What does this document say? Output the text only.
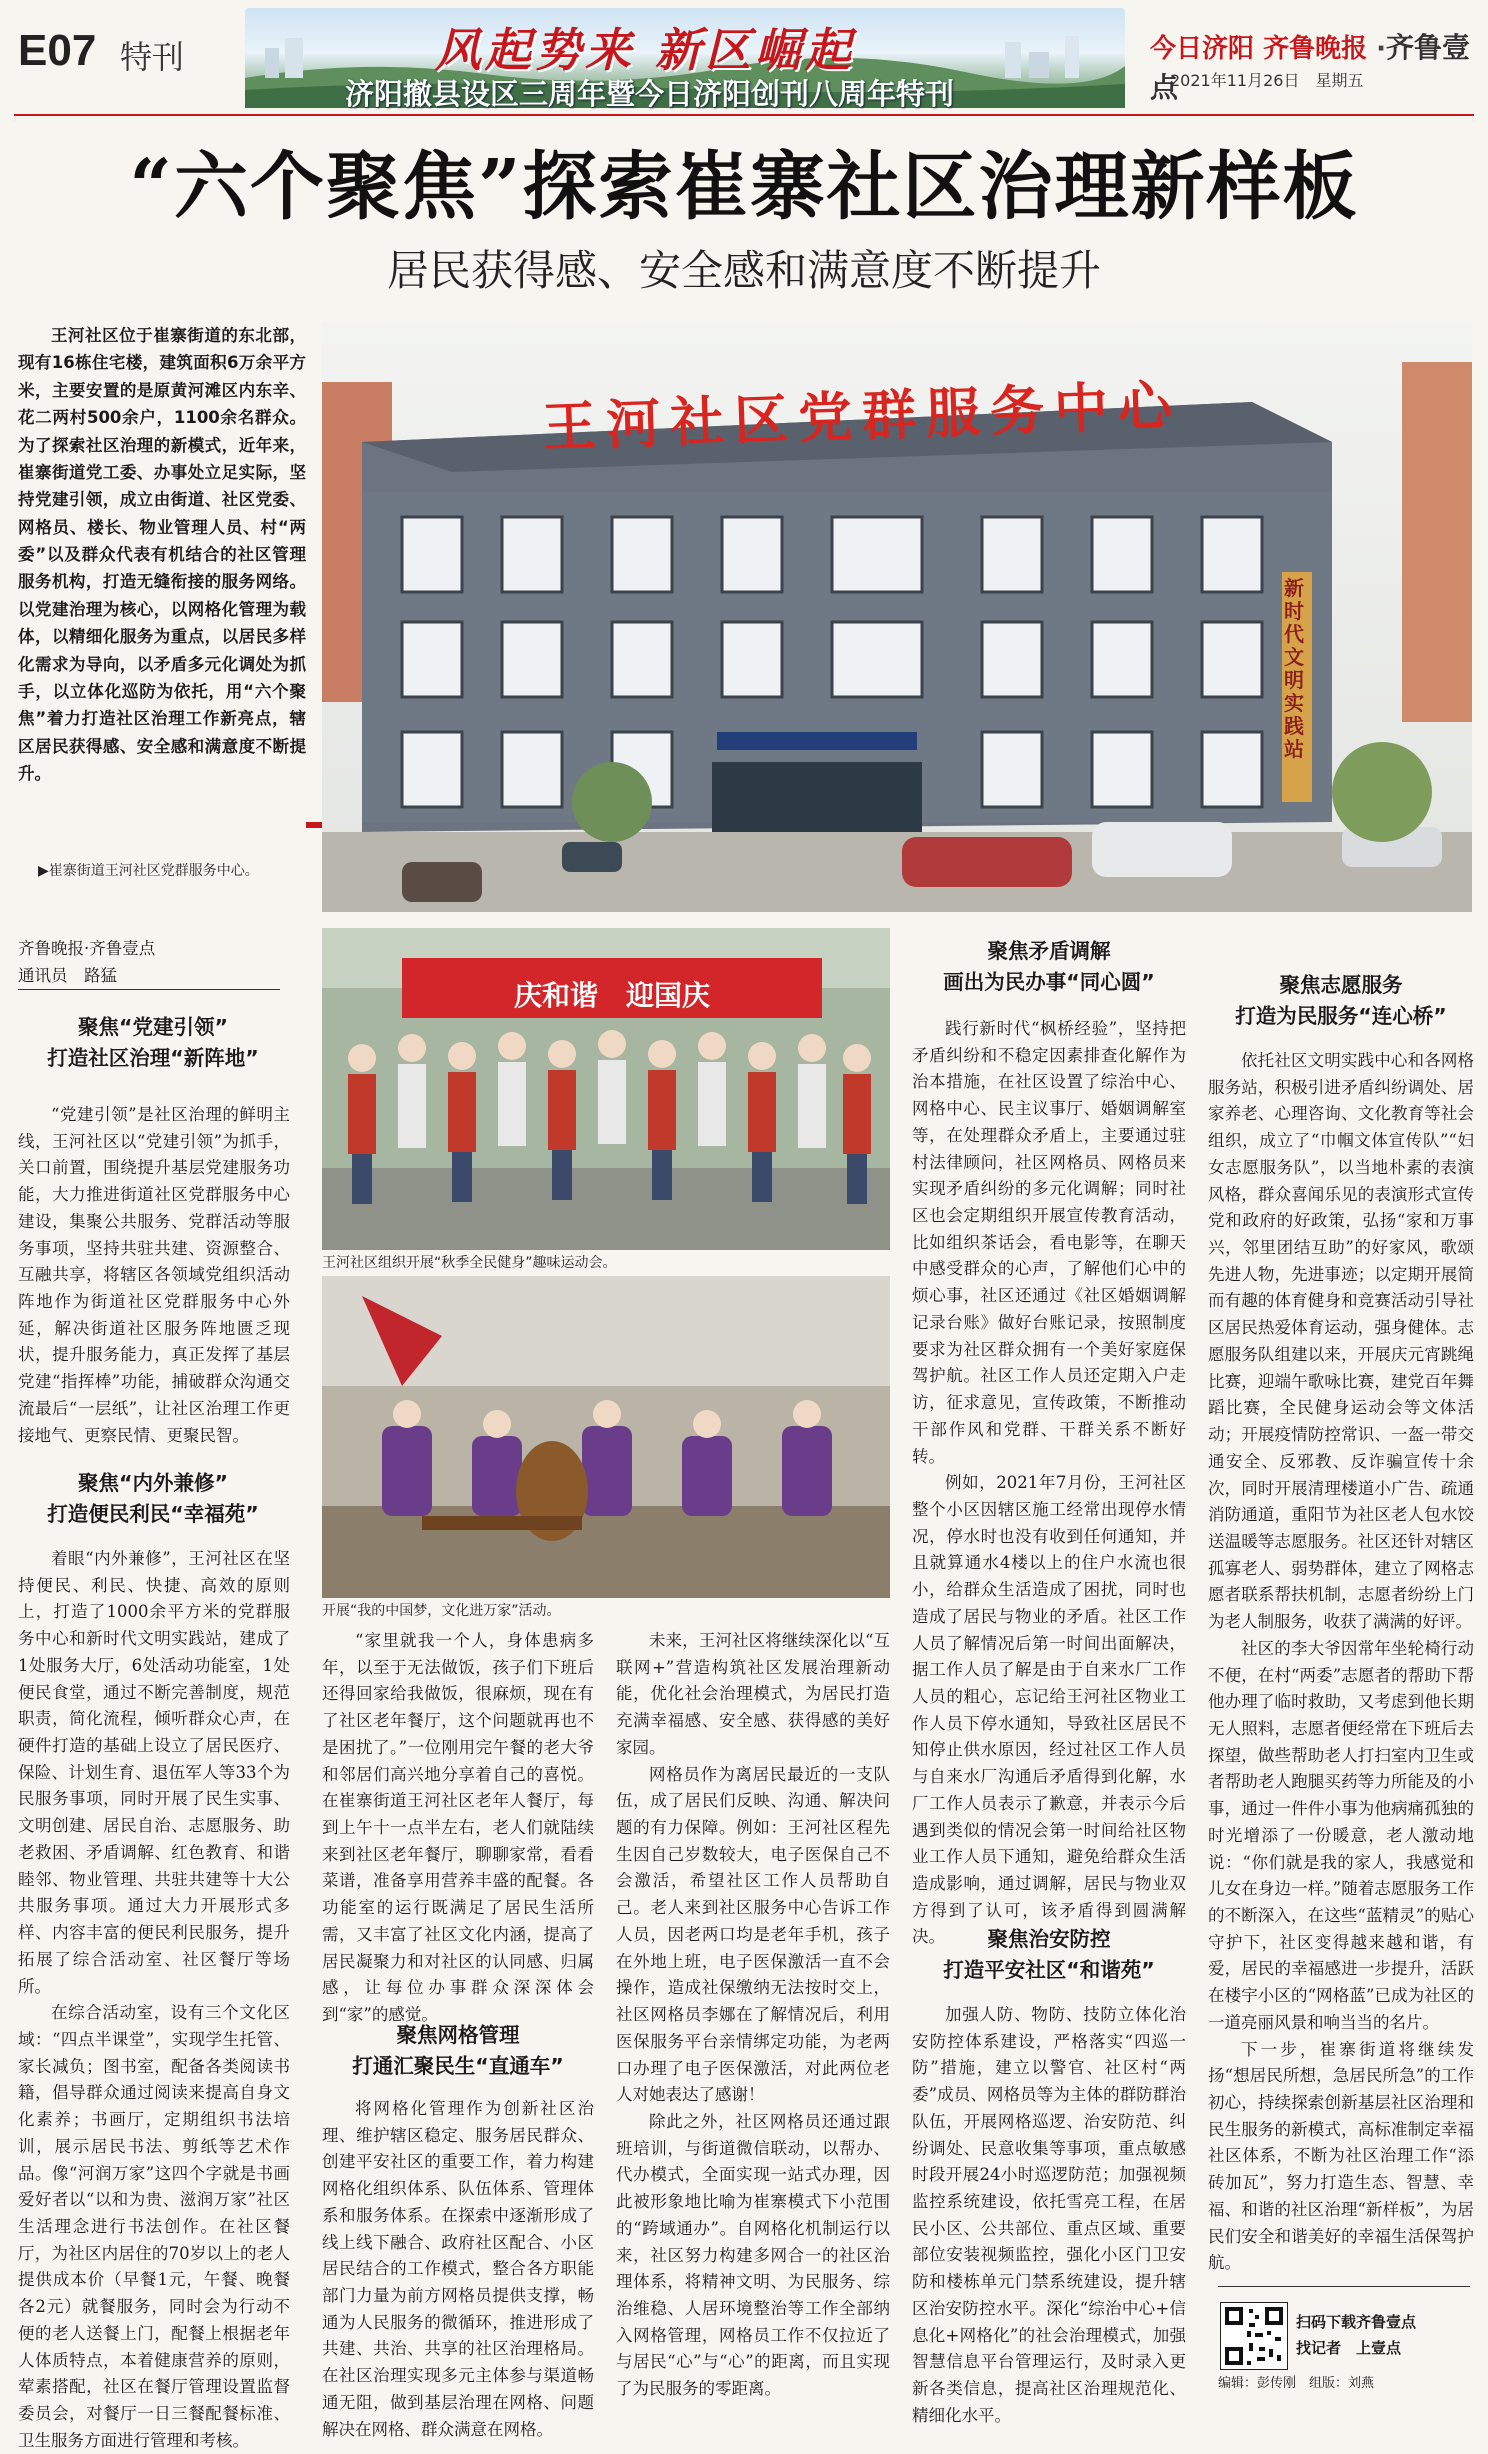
E07 特刊	风起势来 新区崛起
济阳撤县设区三周年暨今日济阳创刊八周年特刊
今日济阳 齐鲁晚报 ·齐鲁壹点
2021年11月26日　星期五
“六个聚焦”探索崔寨社区治理新样板
居民获得感、安全感和满意度不断提升
王河社区位于崔寨街道的东北部，现有16栋住宅楼，建筑面积6万余平方米，主要安置的是原黄河滩区内东辛、花二两村500余户，1100余名群众。为了探索社区治理的新模式，近年来，崔寨街道党工委、办事处立足实际，坚持党建引领，成立由街道、社区党委、网格员、楼长、物业管理人员、村“两委”以及群众代表有机结合的社区管理服务机构，打造无缝衔接的服务网络。以党建治理为核心，以网格化管理为载体，以精细化服务为重点，以居民多样化需求为导向，以矛盾多元化调处为抓手，以立体化巡防为依托，用“六个聚焦”着力打造社区治理工作新亮点，辖区居民获得感、安全感和满意度不断提升。
王河社区党群服务中心
新时代文明实践站
▶崔寨街道王河社区党群服务中心。
齐鲁晚报·齐鲁壹点
通讯员　路猛
聚焦“党建引领”
打造社区治理“新阵地”

“党建引领”是社区治理的鲜明主线，王河社区以“党建引领”为抓手，关口前置，围绕提升基层党建服务功能，大力推进街道社区党群服务中心建设，集聚公共服务、党群活动等服务事项，坚持共驻共建、资源整合、互融共享，将辖区各领域党组织活动阵地作为街道社区党群服务中心外延，解决街道社区服务阵地匮乏现状，提升服务能力，真正发挥了基层党建“指挥棒”功能，捕破群众沟通交流最后“一层纸”，让社区治理工作更接地气、更察民情、更聚民智。

聚焦“内外兼修”
打造便民利民“幸福苑”

着眼“内外兼修”，王河社区在坚持便民、利民、快捷、高效的原则上，打造了1000余平方米的党群服务中心和新时代文明实践站，建成了1处服务大厅，6处活动功能室，1处便民食堂，通过不断完善制度，规范职责，简化流程，倾听群众心声，在硬件打造的基础上设立了居民医疗、保险、计划生育、退伍军人等33个为民服务事项，同时开展了民生实事、文明创建、居民自治、志愿服务、助老救困、矛盾调解、红色教育、和谐睦邻、物业管理、共驻共建等十大公共服务事项。通过大力开展形式多样、内容丰富的便民利民服务，提升拓展了综合活动室、社区餐厅等场所。

在综合活动室，设有三个文化区域：“四点半课堂”，实现学生托管、家长减负；图书室，配备各类阅读书籍，倡导群众通过阅读来提高自身文化素养；书画厅，定期组织书法培训，展示居民书法、剪纸等艺术作品。像“河润万家”这四个字就是书画爱好者以“以和为贵、滋润万家”社区生活理念进行书法创作。在社区餐厅，为社区内居住的70岁以上的老人提供成本价（早餐1元，午餐、晚餐各2元）就餐服务，同时会为行动不便的老人送餐上门，配餐上根据老年人体质特点，本着健康营养的原则，荤素搭配，社区在餐厅管理设置监督委员会，对餐厅一日三餐配餐标准、卫生服务方面进行管理和考核。

庆和谐　迎国庆
王河社区组织开展“秋季全民健身”趣味运动会。
开展“我的中国梦，文化进万家”活动。

“家里就我一个人，身体患病多年，以至于无法做饭，孩子们下班后还得回家给我做饭，很麻烦，现在有了社区老年餐厅，这个问题就再也不是困扰了。”一位刚用完午餐的老大爷和邻居们高兴地分享着自己的喜悦。在崔寨街道王河社区老年人餐厅，每到上午十一点半左右，老人们就陆续来到社区老年餐厅，聊聊家常，看看菜谱，准备享用营养丰盛的配餐。各功能室的运行既满足了居民生活所需，又丰富了社区文化内涵，提高了居民凝聚力和对社区的认同感、归属感，让每位办事群众深深体会到“家”的感觉。

聚焦网格管理
打通汇聚民生“直通车”

将网格化管理作为创新社区治理、维护辖区稳定、服务居民群众、创建平安社区的重要工作，着力构建网格化组织体系、队伍体系、管理体系和服务体系。在探索中逐渐形成了线上线下融合、政府社区配合、小区居民结合的工作模式，整合各方职能部门力量为前方网格员提供支撑，畅通为人民服务的微循环，推进形成了共建、共治、共享的社区治理格局。在社区治理实现多元主体参与渠道畅通无阻，做到基层治理在网格、问题解决在网格、群众满意在网格。

未来，王河社区将继续深化以“互联网+”营造构筑社区发展治理新动能，优化社会治理模式，为居民打造充满幸福感、安全感、获得感的美好家园。

网格员作为离居民最近的一支队伍，成了居民们反映、沟通、解决问题的有力保障。例如：王河社区程先生因自己岁数较大，电子医保自己不会激活，希望社区工作人员帮助自己。老人来到社区服务中心告诉工作人员，因老两口均是老年手机，孩子在外地上班，电子医保激活一直不会操作，造成社保缴纳无法按时交上，社区网格员李娜在了解情况后，利用医保服务平台亲情绑定功能，为老两口办理了电子医保激活，对此两位老人对她表达了感谢！

除此之外，社区网格员还通过跟班培训，与街道微信联动，以帮办、代办模式，全面实现一站式办理，因此被形象地比喻为崔寨模式下小范围的“跨域通办”。自网格化机制运行以来，社区努力构建多网合一的社区治理体系，将精神文明、为民服务、综治维稳、人居环境整治等工作全部纳入网格管理，网格员工作不仅拉近了与居民“心”与“心”的距离，而且实现了为民服务的零距离。

聚焦矛盾调解
画出为民办事“同心圆”

践行新时代“枫桥经验”，坚持把矛盾纠纷和不稳定因素排查化解作为治本措施，在社区设置了综治中心、网格中心、民主议事厅、婚姻调解室等，在处理群众矛盾上，主要通过驻村法律顾问，社区网格员、网格员来实现矛盾纠纷的多元化调解；同时社区也会定期组织开展宣传教育活动，比如组织茶话会，看电影等，在聊天中感受群众的心声，了解他们心中的烦心事，社区还通过《社区婚姻调解记录台账》做好台账记录，按照制度要求为社区群众拥有一个美好家庭保驾护航。社区工作人员还定期入户走访，征求意见，宣传政策，不断推动干部作风和党群、干群关系不断好转。

例如，2021年7月份，王河社区整个小区因辖区施工经常出现停水情况，停水时也没有收到任何通知，并且就算通水4楼以上的住户水流也很小，给群众生活造成了困扰，同时也造成了居民与物业的矛盾。社区工作人员了解情况后第一时间出面解决，据工作人员了解是由于自来水厂工作人员的粗心，忘记给王河社区物业工作人员下停水通知，导致社区居民不知停止供水原因，经过社区工作人员与自来水厂沟通后矛盾得到化解，水厂工作人员表示了歉意，并表示今后遇到类似的情况会第一时间给社区物业工作人员下通知，避免给群众生活造成影响，通过调解，居民与物业双方得到了认可，该矛盾得到圆满解决。	聚焦治安防控
打造平安社区“和谐苑”

加强人防、物防、技防立体化治安防控体系建设，严格落实“四巡一防”措施，建立以警官、社区村“两委”成员、网格员等为主体的群防群治队伍，开展网格巡逻、治安防范、纠纷调处、民意收集等事项，重点敏感时段开展24小时巡逻防范；加强视频监控系统建设，依托雪亮工程，在居民小区、公共部位、重点区域、重要部位安装视频监控，强化小区门卫安防和楼栋单元门禁系统建设，提升辖区治安防控水平。深化“综治中心+信息化+网格化”的社会治理模式，加强智慧信息平台管理运行，及时录入更新各类信息，提高社区治理规范化、精细化水平。

聚焦志愿服务
打造为民服务“连心桥”

依托社区文明实践中心和各网格服务站，积极引进矛盾纠纷调处、居家养老、心理咨询、文化教育等社会组织，成立了“巾帼文体宣传队”“妇女志愿服务队”，以当地朴素的表演风格，群众喜闻乐见的表演形式宣传党和政府的好政策，弘扬“家和万事兴，邻里团结互助”的好家风，歌颂先进人物，先进事迹；以定期开展简而有趣的体育健身和竞赛活动引导社区居民热爱体育运动，强身健体。志愿服务队组建以来，开展庆元宵跳绳比赛，迎端午歌咏比赛，建党百年舞蹈比赛，全民健身运动会等文体活动；开展疫情防控常识、一盔一带交通安全、反邪教、反诈骗宣传十余次，同时开展清理楼道小广告、疏通消防通道，重阳节为社区老人包水饺送温暖等志愿服务。社区还针对辖区孤寡老人、弱势群体，建立了网格志愿者联系帮扶机制，志愿者纷纷上门为老人制服务，收获了满满的好评。

社区的李大爷因常年坐轮椅行动不便，在村“两委”志愿者的帮助下帮他办理了临时救助，又考虑到他长期无人照料，志愿者便经常在下班后去探望，做些帮助老人打扫室内卫生或者帮助老人跑腿买药等力所能及的小事，通过一件件小事为他病痛孤独的时光增添了一份暖意，老人激动地说：“你们就是我的家人，我感觉和儿女在身边一样。”随着志愿服务工作的不断深入，在这些“蓝精灵”的贴心守护下，社区变得越来越和谐，有爱，居民的幸福感进一步提升，活跃在楼宇小区的“网格蓝”已成为社区的一道亮丽风景和响当当的名片。

下一步，崔寨街道将继续发扬“想居民所想，急居民所急”的工作初心，持续探索创新基层社区治理和民生服务的新模式，高标准制定幸福社区体系，不断为社区治理工作“添砖加瓦”，努力打造生态、智慧、幸福、和谐的社区治理“新样板”，为居民们安全和谐美好的幸福生活保驾护航。

扫码下载齐鲁壹点
找记者　上壹点
编辑：彭传刚　组版：刘燕
